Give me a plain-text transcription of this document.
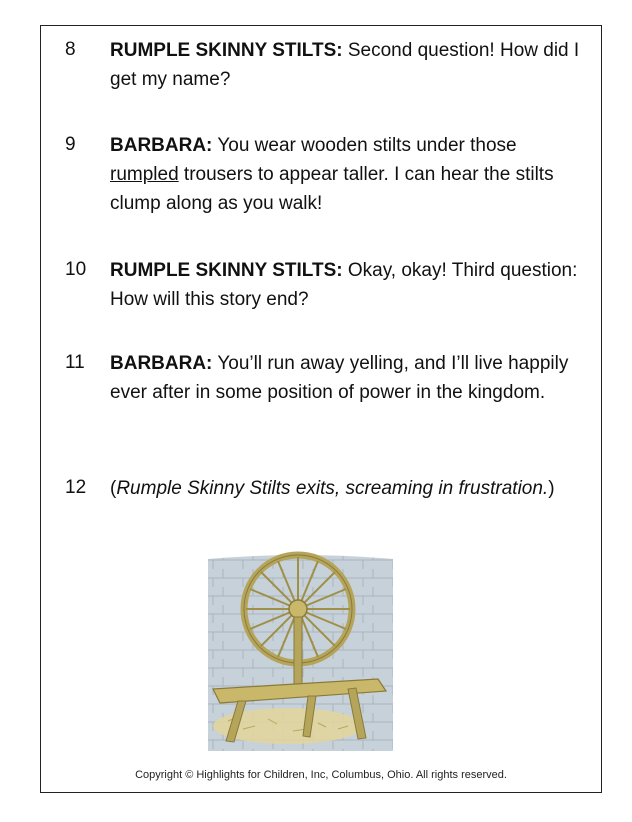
8 RUMPLE SKINNY STILTS: Second question! How did I get my name?
9 BARBARA: You wear wooden stilts under those rumpled trousers to appear taller. I can hear the stilts clump along as you walk!
10 RUMPLE SKINNY STILTS: Okay, okay! Third question: How will this story end?
11 BARBARA: You’ll run away yelling, and I’ll live happily ever after in some position of power in the kingdom.
12 (Rumple Skinny Stilts exits, screaming in frustration.)
Copyright © Highlights for Children, Inc, Columbus, Ohio. All rights reserved.
